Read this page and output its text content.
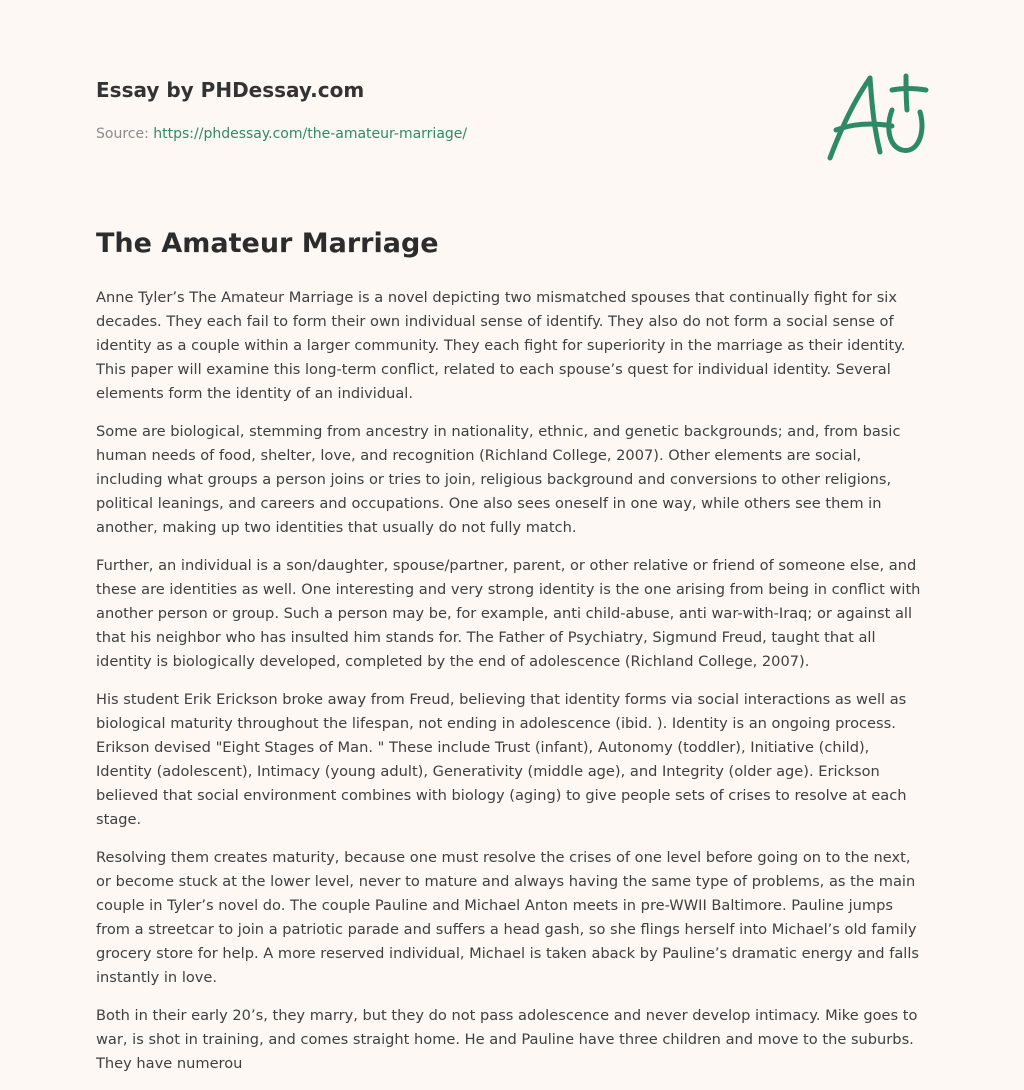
Essay by PHDessay.com
Source: https://phdessay.com/the-amateur-marriage/
The Amateur Marriage

Anne Tyler’s The Amateur Marriage is a novel depicting two mismatched spouses that continually fight for six decades. They each fail to form their own individual sense of identify. They also do not form a social sense of identity as a couple within a larger community. They each fight for superiority in the marriage as their identity. This paper will examine this long-term conflict, related to each spouse’s quest for individual identity. Several elements form the identity of an individual.

Some are biological, stemming from ancestry in nationality, ethnic, and genetic backgrounds; and, from basic human needs of food, shelter, love, and recognition (Richland College, 2007). Other elements are social, including what groups a person joins or tries to join, religious background and conversions to other religions, political leanings, and careers and occupations. One also sees oneself in one way, while others see them in another, making up two identities that usually do not fully match.

Further, an individual is a son/daughter, spouse/partner, parent, or other relative or friend of someone else, and these are identities as well. One interesting and very strong identity is the one arising from being in conflict with another person or group. Such a person may be, for example, anti child-abuse, anti war-with-Iraq; or against all that his neighbor who has insulted him stands for. The Father of Psychiatry, Sigmund Freud, taught that all identity is biologically developed, completed by the end of adolescence (Richland College, 2007).

His student Erik Erickson broke away from Freud, believing that identity forms via social interactions as well as biological maturity throughout the lifespan, not ending in adolescence (ibid. ). Identity is an ongoing process. Erikson devised "Eight Stages of Man. " These include Trust (infant), Autonomy (toddler), Initiative (child), Identity (adolescent), Intimacy (young adult), Generativity (middle age), and Integrity (older age). Erickson believed that social environment combines with biology (aging) to give people sets of crises to resolve at each stage.

Resolving them creates maturity, because one must resolve the crises of one level before going on to the next, or become stuck at the lower level, never to mature and always having the same type of problems, as the main couple in Tyler’s novel do. The couple Pauline and Michael Anton meets in pre-WWII Baltimore. Pauline jumps from a streetcar to join a patriotic parade and suffers a head gash, so she flings herself into Michael’s old family grocery store for help. A more reserved individual, Michael is taken aback by Pauline’s dramatic energy and falls instantly in love.

Both in their early 20’s, they marry, but they do not pass adolescence and never develop intimacy. Mike goes to war, is shot in training, and comes straight home. He and Pauline have three children and move to the suburbs. They have numerou
